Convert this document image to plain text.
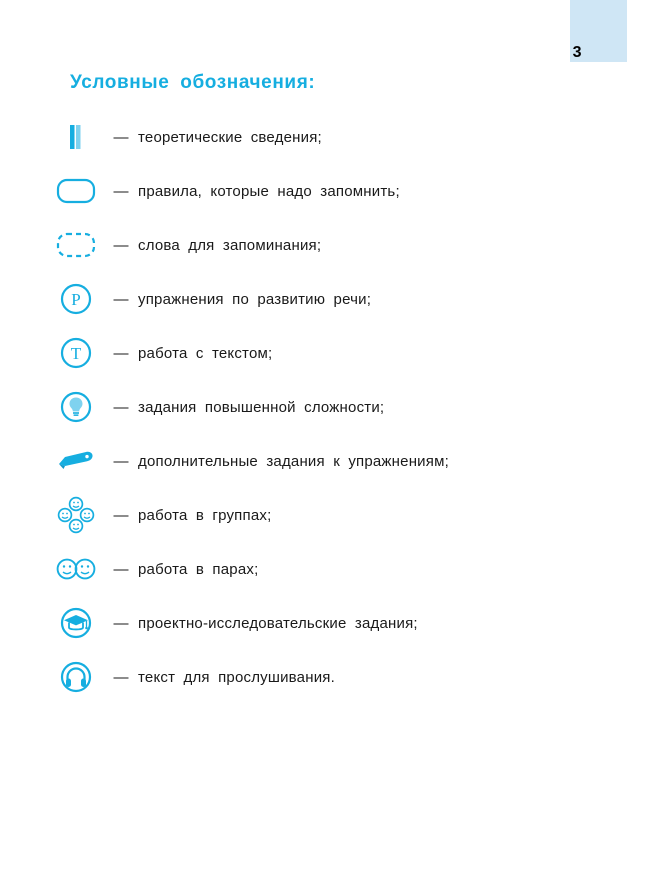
3
Условные обозначения:
— теоретические сведения;
— правила, которые надо запомнить;
— слова для запоминания;
Р	— упражнения по развитию речи;
Т	— работа с текстом;
— задания повышенной сложности;
— дополнительные задания к упражнениям;
— работа в группах;
— работа в парах;
— проектно-исследовательские задания;
— текст для прослушивания.
